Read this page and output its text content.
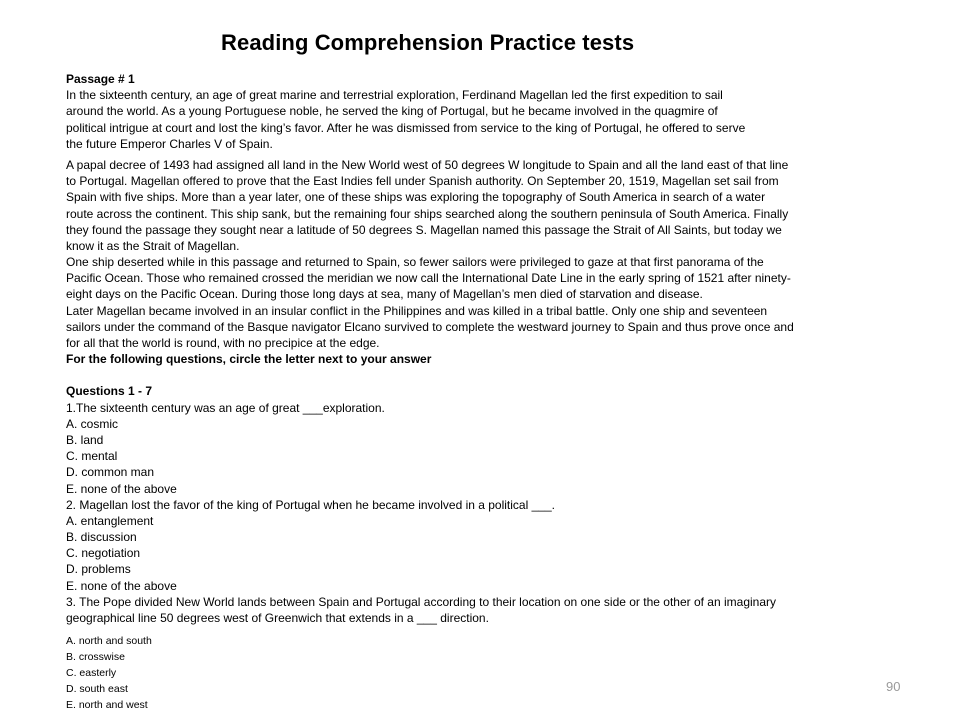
Reading Comprehension Practice tests
Passage # 1
In the sixteenth century, an age of great marine and terrestrial exploration, Ferdinand Magellan led the first expedition to sail
around the world. As a young Portuguese noble, he served the king of Portugal, but he became involved in the quagmire of
political intrigue at court and lost the king’s favor. After he was dismissed from service to the king of Portugal, he offered to serve
the future Emperor Charles V of Spain.
A papal decree of 1493 had assigned all land in the New World west of 50 degrees W longitude to Spain and all the land east of that line
to Portugal. Magellan offered to prove that the East Indies fell under Spanish authority. On September 20, 1519, Magellan set sail from
Spain with five ships. More than a year later, one of these ships was exploring the topography of South America in search of a water
route across the continent. This ship sank, but the remaining four ships searched along the southern peninsula of South America. Finally
they found the passage they sought near a latitude of 50 degrees S. Magellan named this passage the Strait of All Saints, but today we
know it as the Strait of Magellan.
One ship deserted while in this passage and returned to Spain, so fewer sailors were privileged to gaze at that first panorama of the
Pacific Ocean. Those who remained crossed the meridian we now call the International Date Line in the early spring of 1521 after ninety-
eight days on the Pacific Ocean. During those long days at sea, many of Magellan’s men died of starvation and disease.
Later Magellan became involved in an insular conflict in the Philippines and was killed in a tribal battle. Only one ship and seventeen
sailors under the command of the Basque navigator Elcano survived to complete the westward journey to Spain and thus prove once and
for all that the world is round, with no precipice at the edge.
For the following questions, circle the letter next to your answer
Questions 1 - 7
1.The sixteenth century was an age of great ___exploration.
A. cosmic
B. land
C. mental
D. common man
E. none of the above
2. Magellan lost the favor of the king of Portugal when he became involved in a political ___.
A. entanglement
B. discussion
C. negotiation
D. problems
E. none of the above
3. The Pope divided New World lands between Spain and Portugal according to their location on one side or the other of an imaginary
geographical line 50 degrees west of Greenwich that extends in a ___ direction.
A. north and south
B. crosswise
C. easterly
D. south east
E. north and west
90
